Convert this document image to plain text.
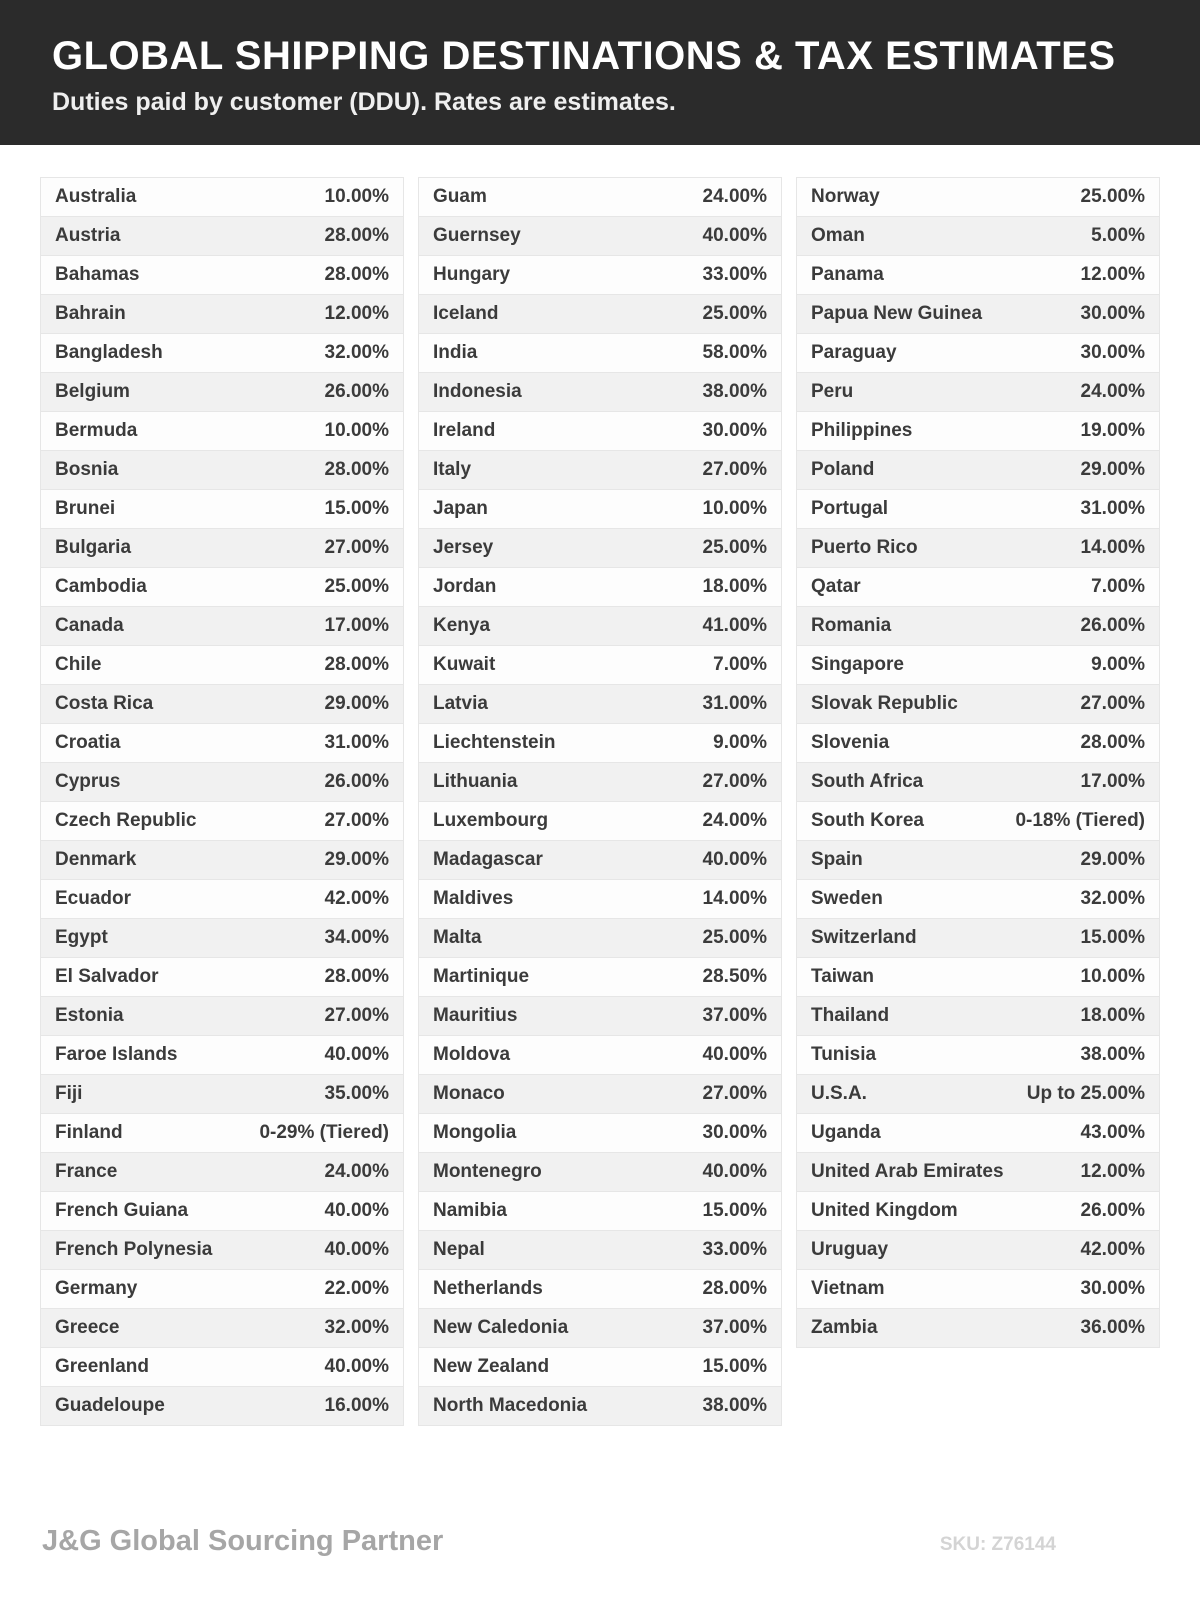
GLOBAL SHIPPING DESTINATIONS & TAX ESTIMATES

Duties paid by customer (DDU). Rates are estimates.

Australia	10.00%
Austria	28.00%
Bahamas	28.00%
Bahrain	12.00%
Bangladesh	32.00%
Belgium	26.00%
Bermuda	10.00%
Bosnia	28.00%
Brunei	15.00%
Bulgaria	27.00%
Cambodia	25.00%
Canada	17.00%
Chile	28.00%
Costa Rica	29.00%
Croatia	31.00%
Cyprus	26.00%
Czech Republic	27.00%
Denmark	29.00%
Ecuador	42.00%
Egypt	34.00%
El Salvador	28.00%
Estonia	27.00%
Faroe Islands	40.00%
Fiji	35.00%
Finland	0-29% (Tiered)
France	24.00%
French Guiana	40.00%
French Polynesia	40.00%
Germany	22.00%
Greece	32.00%
Greenland	40.00%
Guadeloupe	16.00%
Guam	24.00%
Guernsey	40.00%
Hungary	33.00%
Iceland	25.00%
India	58.00%
Indonesia	38.00%
Ireland	30.00%
Italy	27.00%
Japan	10.00%
Jersey	25.00%
Jordan	18.00%
Kenya	41.00%
Kuwait	7.00%
Latvia	31.00%
Liechtenstein	9.00%
Lithuania	27.00%
Luxembourg	24.00%
Madagascar	40.00%
Maldives	14.00%
Malta	25.00%
Martinique	28.50%
Mauritius	37.00%
Moldova	40.00%
Monaco	27.00%
Mongolia	30.00%
Montenegro	40.00%
Namibia	15.00%
Nepal	33.00%
Netherlands	28.00%
New Caledonia	37.00%
New Zealand	15.00%
North Macedonia	38.00%
Norway	25.00%
Oman	5.00%
Panama	12.00%
Papua New Guinea	30.00%
Paraguay	30.00%
Peru	24.00%
Philippines	19.00%
Poland	29.00%
Portugal	31.00%
Puerto Rico	14.00%
Qatar	7.00%
Romania	26.00%
Singapore	9.00%
Slovak Republic	27.00%
Slovenia	28.00%
South Africa	17.00%
South Korea	0-18% (Tiered)
Spain	29.00%
Sweden	32.00%
Switzerland	15.00%
Taiwan	10.00%
Thailand	18.00%
Tunisia	38.00%
U.S.A.	Up to 25.00%
Uganda	43.00%
United Arab Emirates	12.00%
United Kingdom	26.00%
Uruguay	42.00%
Vietnam	30.00%
Zambia	36.00%
J&G Global Sourcing Partner	SKU: Z76144
